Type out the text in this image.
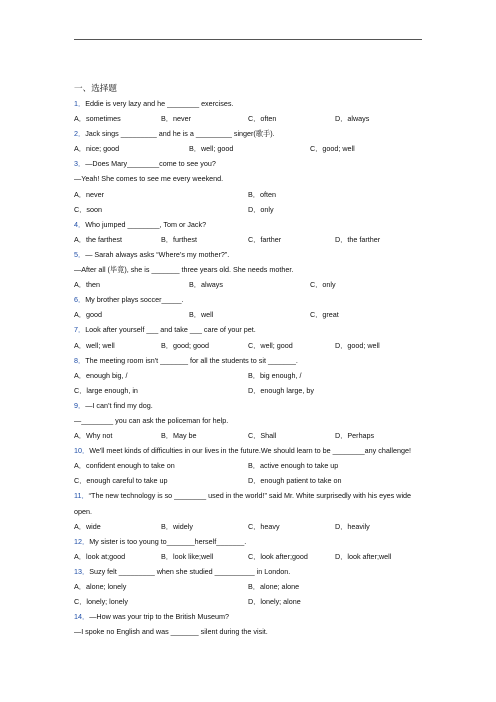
一、选择题
1．Eddie is very lazy and he ________ exercises.
A．sometimes	B．never	C．often	D．always
2．Jack sings _________ and he is a _________ singer(歌手).
A．nice; good	B．well; good	C．good; well
3．—Does Mary________come to see you?
—Yeah! She comes to see me every weekend.
A．never	B．often
C．soon	D．only
4．Who jumped ________, Tom or Jack?
A．the farthest	B．furthest	C．farther	D．the farther
5．— Sarah always asks “Where’s my mother?”.
—After all (毕竟), she is _______ three years old. She needs mother.
A．then	B．always	C．only
6．My brother plays soccer_____.
A．good	B．well	C．great
7．Look after yourself ___ and take ___ care of your pet.
A．well; well	B．good; good	C．well; good	D．good; well
8．The meeting room isn't _______ for all the students to sit _______.
A．enough big, /	B．big enough, /
C．large enough, in	D．enough large, by
9．—I can’t find my dog.
—________ you can ask the policeman for help.
A．Why not	B．May be	C．Shall	D．Perhaps
10．We'll meet kinds of difficulties in our lives in the future.We should learn to be ________any challenge!
A．confident enough to take on	B．active enough to take up
C．enough careful to take up	D．enough patient to take on
11．“The new technology is so ________ used in the world!” said Mr. White surprisedly with his eyes wide open.
A．wide	B．widely	C．heavy	D．heavily
12．My sister is too young to_______herself_______.
A．look at;good	B．look like;well	C．look after;good	D．look after;well
13．Suzy felt _________ when she studied __________ in London.
A．alone; lonely	B．alone; alone
C．lonely; lonely	D．lonely; alone
14．—How was your trip to the British Museum?
—I spoke no English and was _______ silent during the visit.
